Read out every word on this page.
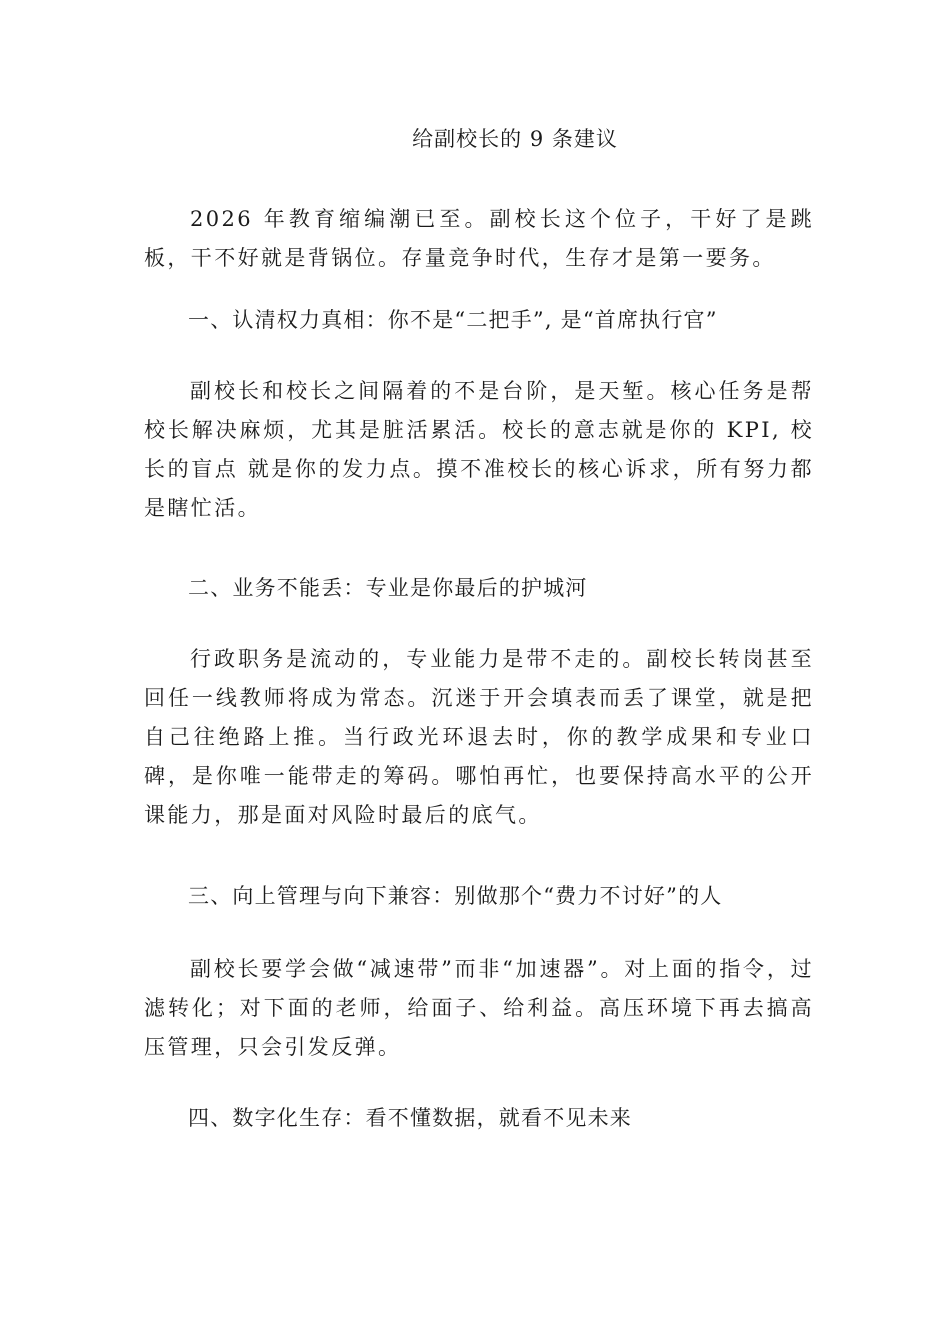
给副校长的 9 条建议

2026 年教育缩编潮已至。副校长这个位子，干好了是跳板，干不好就是背锅位。存量竞争时代，生存才是第一要务。

一、认清权力真相：你不是“二把手”, 是“首席执行官”

副校长和校长之间隔着的不是台阶，是天堑。核心任务是帮校长解决麻烦，尤其是脏活累活。校长的意志就是你的 KPI, 校长的盲点 就是你的发力点。摸不准校长的核心诉求，所有努力都是瞎忙活。

二、业务不能丢：专业是你最后的护城河

行政职务是流动的，专业能力是带不走的。副校长转岗甚至回任一线教师将成为常态。沉迷于开会填表而丢了课堂，就是把自己往绝路上推。当行政光环退去时，你的教学成果和专业口碑，是你唯一能带走的筹码。哪怕再忙，也要保持高水平的公开课能力，那是面对风险时最后的底气。

三、向上管理与向下兼容：别做那个“费力不讨好”的人

副校长要学会做“减速带”而非“加速器”。对上面的指令，过滤转化；对下面的老师，给面子、给利益。高压环境下再去搞高压管理，只会引发反弹。

四、数字化生存：看不懂数据，就看不见未来
